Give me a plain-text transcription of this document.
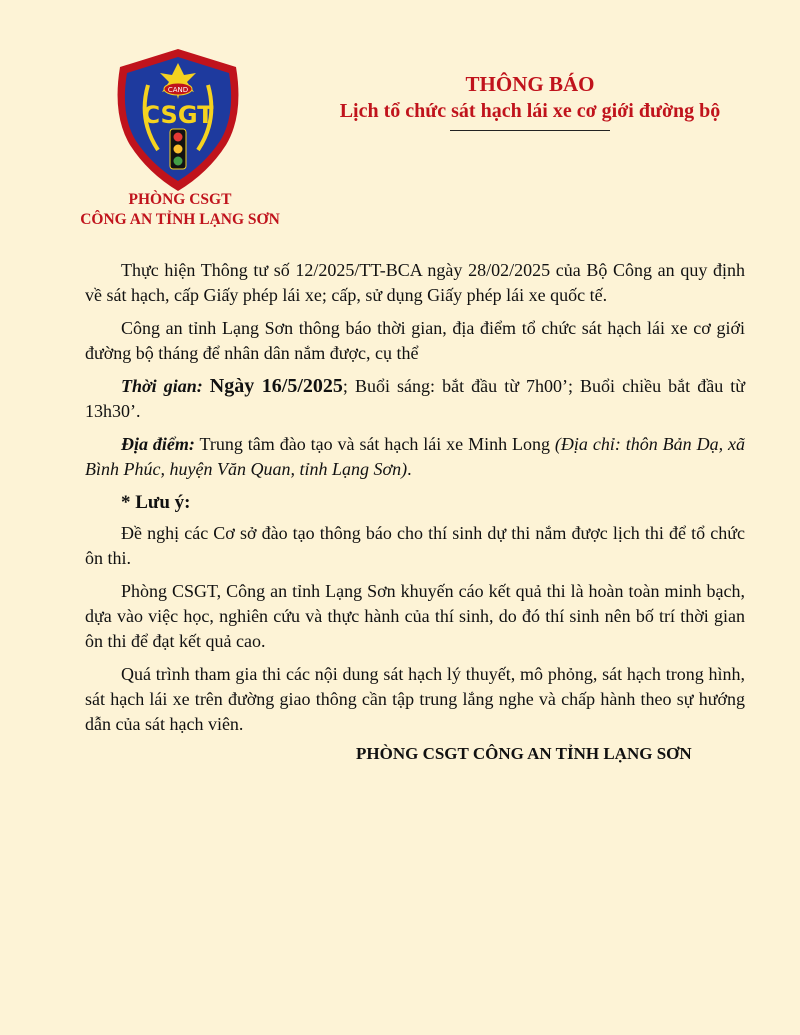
CAND
CSGT
PHÒNG CSGT
CÔNG AN TỈNH LẠNG SƠN
THÔNG BÁO
Lịch tổ chức sát hạch lái xe cơ giới đường bộ

Thực hiện Thông tư số 12/2025/TT-BCA ngày 28/02/2025 của Bộ Công an quy định về sát hạch, cấp Giấy phép lái xe; cấp, sử dụng Giấy phép lái xe quốc tế.

Công an tỉnh Lạng Sơn thông báo thời gian, địa điểm tổ chức sát hạch lái xe cơ giới đường bộ tháng để nhân dân nắm được, cụ thể

Thời gian: Ngày 16/5/2025; Buổi sáng: bắt đầu từ 7h00’; Buổi chiều bắt đầu từ 13h30’.

Địa điểm: Trung tâm đào tạo và sát hạch lái xe Minh Long (Địa chỉ: thôn Bản Dạ, xã Bình Phúc, huyện Văn Quan, tỉnh Lạng Sơn).

* Lưu ý:

Đề nghị các Cơ sở đào tạo thông báo cho thí sinh dự thi nắm được lịch thi để tổ chức ôn thi.

Phòng CSGT, Công an tỉnh Lạng Sơn khuyến cáo kết quả thi là hoàn toàn minh bạch, dựa vào việc học, nghiên cứu và thực hành của thí sinh, do đó thí sinh nên bố trí thời gian ôn thi để đạt kết quả cao.

Quá trình tham gia thi các nội dung sát hạch lý thuyết, mô phỏng, sát hạch trong hình, sát hạch lái xe trên đường giao thông cần tập trung lắng nghe và chấp hành theo sự hướng dẫn của sát hạch viên.

PHÒNG CSGT CÔNG AN TỈNH LẠNG SƠN
